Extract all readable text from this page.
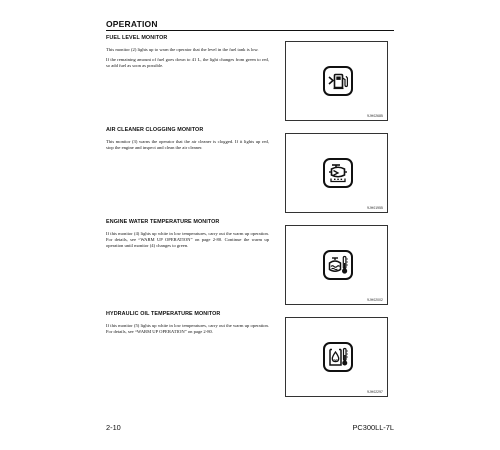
OPERATION
FUEL LEVEL MONITOR

This monitor (2) lights up to warn the operator that the level in the fuel tank is low.

If the remaining amount of fuel goes down to 41 L, the light changes from green to red, so add fuel as soon as possible.

9JH02685
AIR CLEANER CLOGGING MONITOR

This monitor (3) warns the operator that the air cleaner is clogged. If it lights up red, stop the engine and inspect and clean the air cleaner.

9JH01955
ENGINE WATER TEMPERATURE MONITOR

If this monitor (4) lights up white in low temperatures, carry out the warm up operation. For details, see “WARM UP OPERATION” on page 2-80. Continue the warm up operation until monitor (4) changes to green.

9JH02002
HYDRAULIC OIL TEMPERATURE MONITOR

If this monitor (5) lights up white in low temperatures, carry out the warm up operation. For details, see “WARM UP OPERATION” on page 2-80.

9JH02297
2-10	PC300LL-7L
